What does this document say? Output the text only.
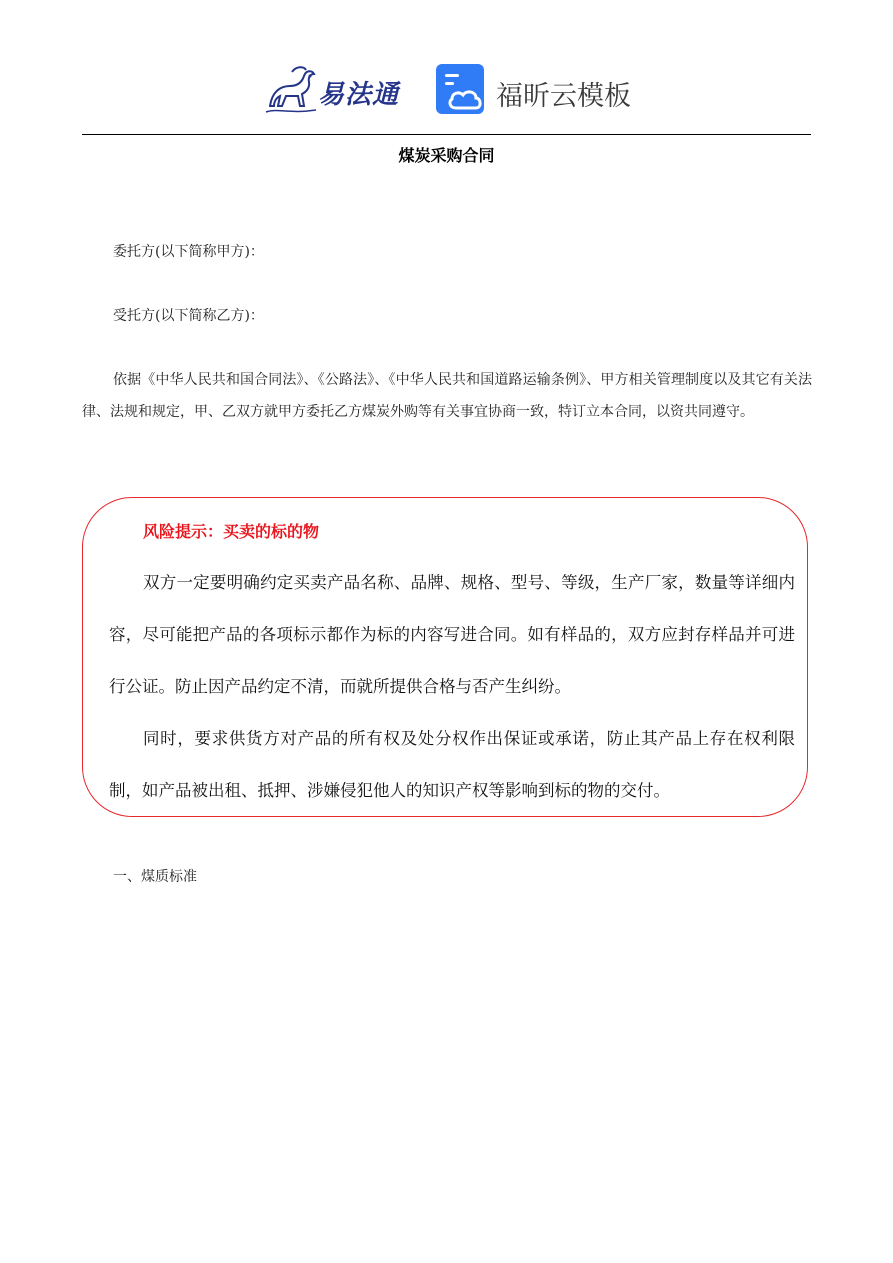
易法通	福昕云模板
煤炭采购合同
委托方(以下简称甲方)：
受托方(以下简称乙方)：
依据《中华人民共和国合同法》、《公路法》、《中华人民共和国道路运输条例》、甲方相关管理制度以及其它有关法律、法规和规定，甲、乙双方就甲方委托乙方煤炭外购等有关事宜协商一致，特订立本合同，以资共同遵守。
风险提示：买卖的标的物
双方一定要明确约定买卖产品名称、品牌、规格、型号、等级，生产厂家，数量等详细内容，尽可能把产品的各项标示都作为标的内容写进合同。如有样品的，双方应封存样品并可进行公证。防止因产品约定不清，而就所提供合格与否产生纠纷。
同时，要求供货方对产品的所有权及处分权作出保证或承诺，防止其产品上存在权利限制，如产品被出租、抵押、涉嫌侵犯他人的知识产权等影响到标的物的交付。
一、煤质标准
